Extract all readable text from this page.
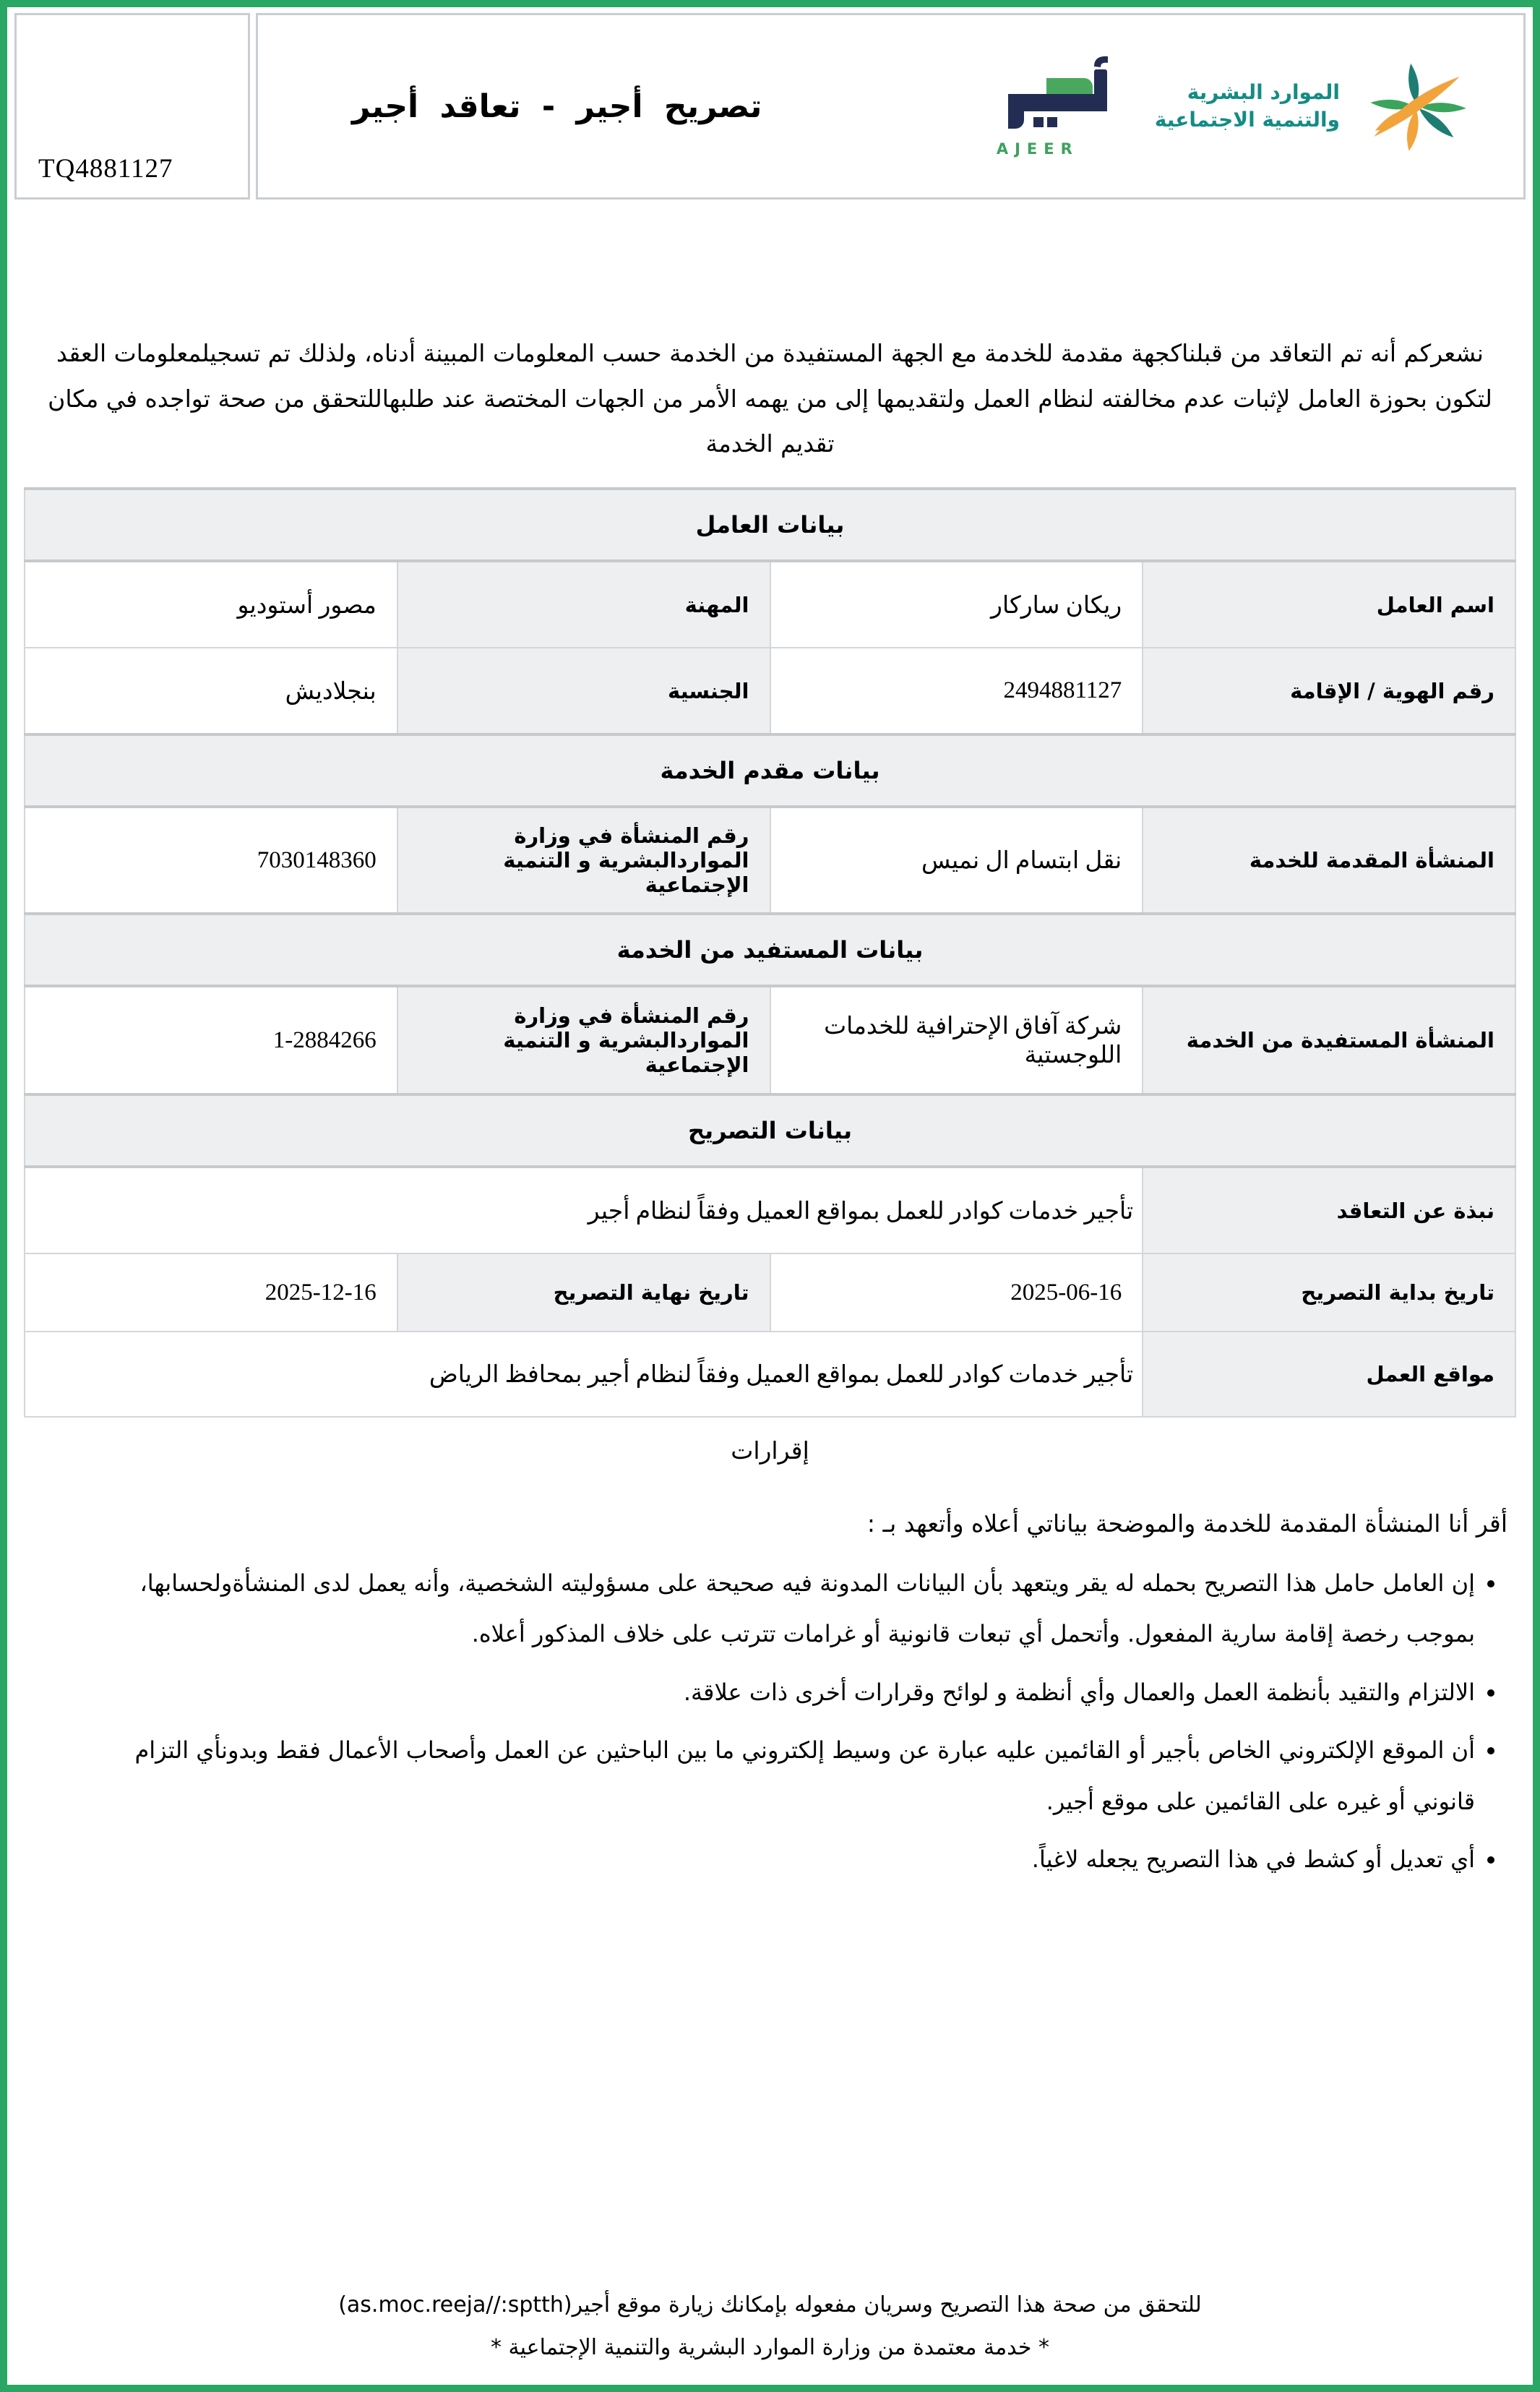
TQ4881127
تصريح أجير - تعاقد أجير
AJEER
الموارد البشرية
والتنمية الاجتماعية

نشعركم أنه تم التعاقد من قبلناكجهة مقدمة للخدمة مع الجهة المستفيدة من الخدمة حسب المعلومات المبينة أدناه، ولذلك تم تسجيلمعلومات العقد لتكون بحوزة العامل لإثبات عدم مخالفته لنظام العمل ولتقديمها إلى من يهمه الأمر من الجهات المختصة عند طلبهاللتحقق من صحة تواجده في مكان تقديم الخدمة

بيانات العامل			
اسم العامل	ريكان ساركار	المهنة	مصور أستوديو
رقم الهوية / الإقامة	2494881127	الجنسية	بنجلاديش
بيانات مقدم الخدمة			
المنشأة المقدمة للخدمة	نقل ابتسام ال نميس	رقم المنشأة في وزارة المواردالبشرية و التنمية الإجتماعية	7030148360
بيانات المستفيد من الخدمة			
المنشأة المستفيدة من الخدمة	شركة آفاق الإحترافية للخدمات اللوجستية	رقم المنشأة في وزارة المواردالبشرية و التنمية الإجتماعية	1-2884266
بيانات التصريح			
نبذة عن التعاقد	تأجير خدمات كوادر للعمل بمواقع العميل وفقاً لنظام أجير		
تاريخ بداية التصريح	2025-06-16	تاريخ نهاية التصريح	2025-12-16
مواقع العمل	تأجير خدمات كوادر للعمل بمواقع العميل وفقاً لنظام أجير بمحافظ الرياض		
إقرارات

أقر أنا المنشأة المقدمة للخدمة والموضحة بياناتي أعلاه وأتعهد بـ :

• إن العامل حامل هذا التصريح بحمله له يقر ويتعهد بأن البيانات المدونة فيه صحيحة على مسؤوليته الشخصية، وأنه يعمل لدى المنشأةولحسابها، بموجب رخصة إقامة سارية المفعول. وأتحمل أي تبعات قانونية أو غرامات تترتب على خلاف المذكور أعلاه.
• الالتزام والتقيد بأنظمة العمل والعمال وأي أنظمة و لوائح وقرارات أخرى ذات علاقة.
• أن الموقع الإلكتروني الخاص بأجير أو القائمين عليه عبارة عن وسيط إلكتروني ما بين الباحثين عن العمل وأصحاب الأعمال فقط وبدونأي التزام قانوني أو غيره على القائمين على موقع أجير.
• أي تعديل أو كشط في هذا التصريح يجعله لاغياً.

للتحقق من صحة هذا التصريح وسريان مفعوله بإمكانك زيارة موقع أجير(as.moc.reeja//:sptth)

* خدمة معتمدة من وزارة الموارد البشرية والتنمية الإجتماعية *
